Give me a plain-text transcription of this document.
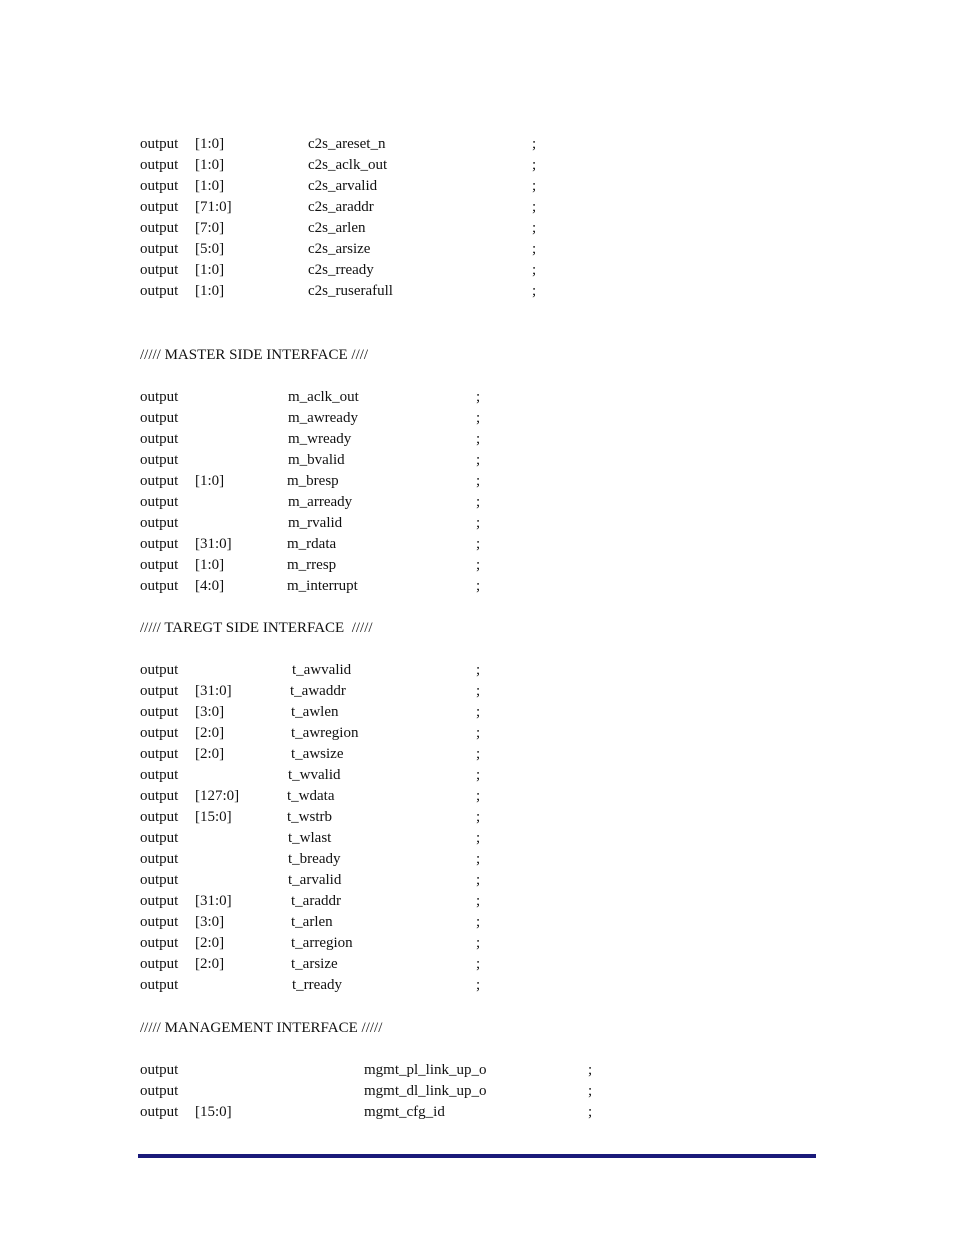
output [1:0]	c2s_areset_n	;
output [1:0]	c2s_aclk_out	;
output [1:0]	c2s_arvalid	;
output [71:0]	c2s_araddr	;
output [7:0]	c2s_arlen	;
output [5:0]	c2s_arsize	;
output [1:0]	c2s_rready	;
output [1:0]	c2s_ruserafull	;
///// MASTER SIDE INTERFACE ////
output	m_aclk_out	;
output	m_awready	;
output	m_wready	;
output	m_bvalid	;
output [1:0]	m_bresp	;
output	m_arready	;
output	m_rvalid	;
output [31:0]	m_rdata	;
output [1:0]	m_rresp	;
output [4:0]	m_interrupt	;
///// TAREGT SIDE INTERFACE  /////
output	t_awvalid	;
output [31:0]	t_awaddr	;
output [3:0]	t_awlen	;
output [2:0]	t_awregion	;
output [2:0]	t_awsize	;
output	t_wvalid	;
output [127:0]	t_wdata	;
output [15:0]	t_wstrb	;
output	t_wlast	;
output	t_bready	;
output	t_arvalid	;
output [31:0]	t_araddr	;
output [3:0]	t_arlen	;
output [2:0]	t_arregion	;
output [2:0]	t_arsize	;
output	t_rready	;
///// MANAGEMENT INTERFACE /////
output	mgmt_pl_link_up_o	;
output	mgmt_dl_link_up_o	;
output [15:0]	mgmt_cfg_id	;
